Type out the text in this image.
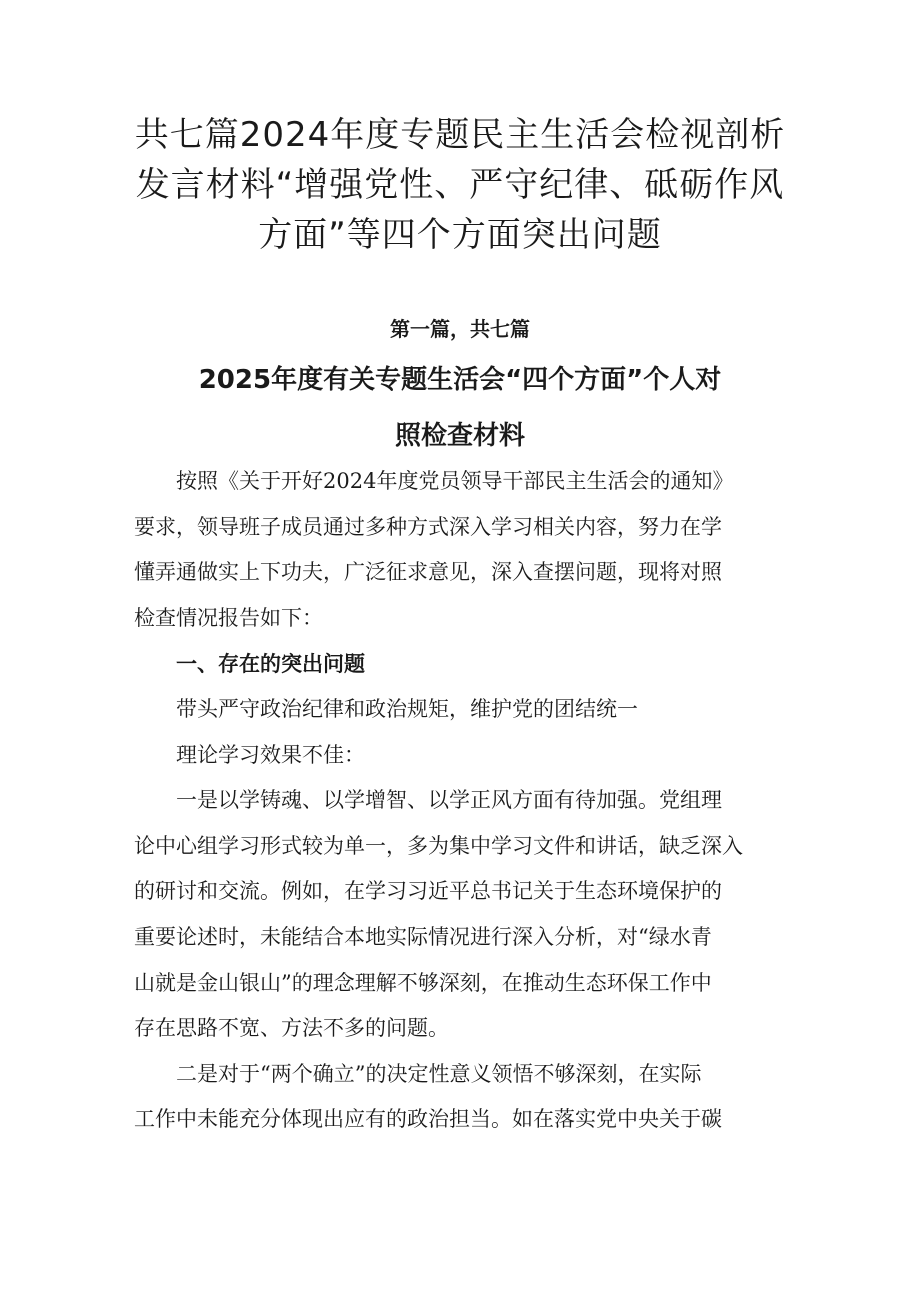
共七篇2024年度专题民主生活会检视剖析
发言材料“增强党性、严守纪律、砥砺作风
方面”等四个方面突出问题

第一篇，共七篇

2025年度有关专题生活会“四个方面”个人对
照检查材料

按照《关于开好2024年度党员领导干部民主生活会的通知》

要求，领导班子成员通过多种方式深入学习相关内容，努力在学

懂弄通做实上下功夫，广泛征求意见，深入查摆问题，现将对照

检查情况报告如下：

一、存在的突出问题

带头严守政治纪律和政治规矩，维护党的团结统一

理论学习效果不佳：

一是以学铸魂、以学增智、以学正风方面有待加强。党组理

论中心组学习形式较为单一，多为集中学习文件和讲话，缺乏深入

的研讨和交流。例如，在学习习近平总书记关于生态环境保护的

重要论述时，未能结合本地实际情况进行深入分析，对“绿水青

山就是金山银山”的理念理解不够深刻，在推动生态环保工作中

存在思路不宽、方法不多的问题。

二是对于“两个确立”的决定性意义领悟不够深刻，在实际

工作中未能充分体现出应有的政治担当。如在落实党中央关于碳
